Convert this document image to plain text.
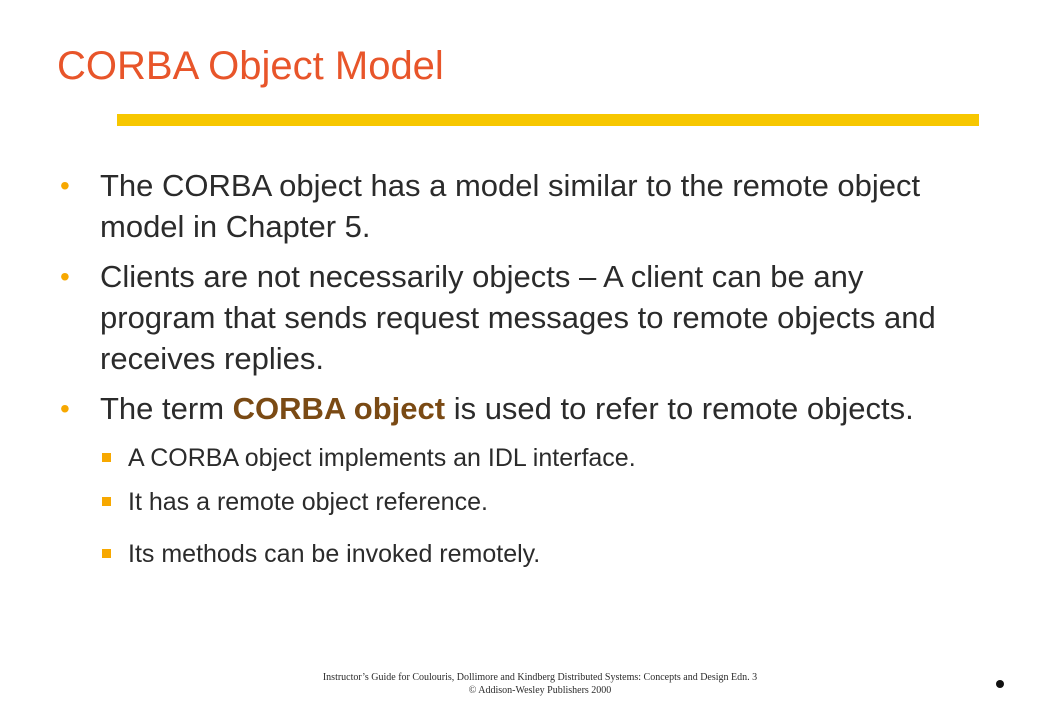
CORBA Object Model
• The CORBA object has a model similar to the remote object model in Chapter 5.
• Clients are not necessarily objects – A client can be any program that sends request messages to remote objects and receives replies.
• The term CORBA object is used to refer to remote objects.
A CORBA object implements an IDL interface.
It has a remote object reference.
Its methods can be invoked remotely.
Instructor’s Guide for Coulouris, Dollimore and Kindberg Distributed Systems: Concepts and Design Edn. 3
© Addison-Wesley Publishers 2000
